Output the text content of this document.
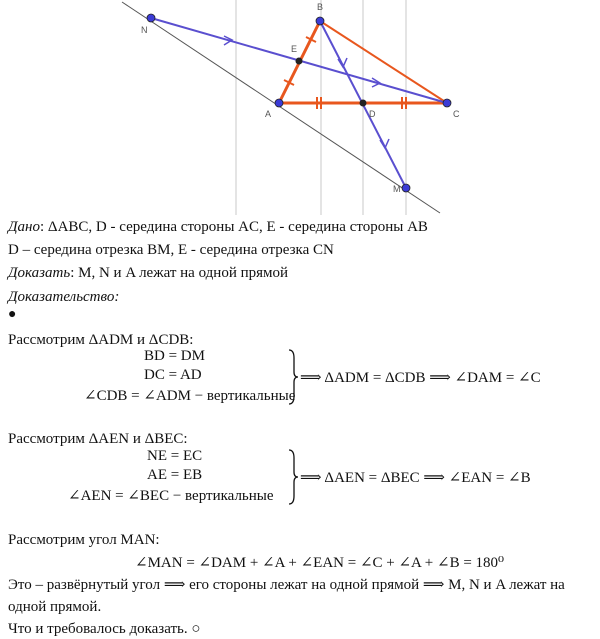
N
B
E
A	D	C
M
Дано: ΔABC, D - середина стороны AC, E - середина стороны AB
D – середина отрезка BM, E - середина отрезка CN
Доказать: M, N и A лежат на одной прямой
Доказательство:
●
Рассмотрим ΔADM и ΔCDB:
BD = DM
DC = AD
∠CDB = ∠ADM − вертикальные
⟹ ΔADM = ΔCDB ⟹ ∠DAM = ∠C
Рассмотрим ΔAEN и ΔBEC:
NE = EC
AE = EB
∠AEN = ∠BEC − вертикальные
⟹ ΔAEN = ΔBEC ⟹ ∠EAN = ∠B
Рассмотрим угол MAN:
∠MAN = ∠DAM + ∠A + ∠EAN = ∠C + ∠A + ∠B = 180⁰
Это – развёрнутый угол ⟹ его стороны лежат на одной прямой ⟹ M, N и A лежат на
одной прямой.
Что и требовалось доказать. ○
